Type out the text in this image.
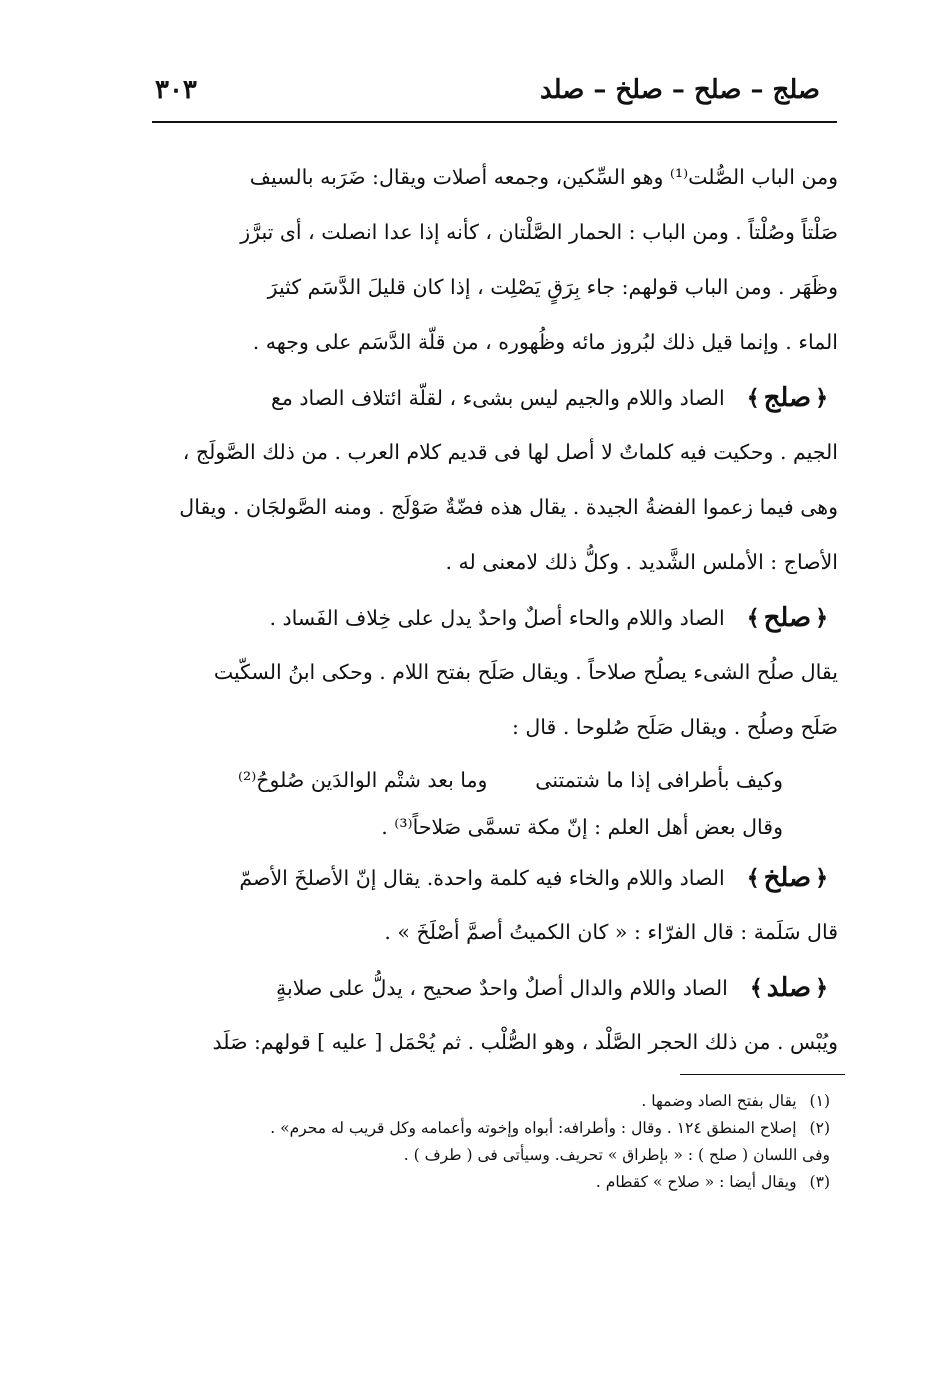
صلج – صلح – صلخ – صلد
٣٠٣
ومن الباب الصُّلت⁽¹⁾ وهو السِّكين، وجمعه أصلات ويقال: ضَرَبه بالسيف
صَلْتاً وصُلْتاً . ومن الباب : الحمار الصَّلْتان ، كأنه إذا عدا انصلت ، أى تبرَّز
وظَهَر . ومن الباب قولهم: جاء بِرَقٍ يَصْلِت ، إذا كان قليلَ الدَّسَم كثيرَ
الماء . وإنما قيل ذلك لبُروز مائه وظُهوره ، من قلّة الدَّسَم على وجهه .
﴿
صلج
﴾
الصاد واللام والجيم ليس بشىء ، لقلّة ائتلاف الصاد مع
الجيم . وحكيت فيه كلماتٌ لا أصل لها فى قديم كلام العرب . من ذلك الصَّولَج ،
وهى فيما زعموا الفضةُ الجيدة . يقال هذه فضّةٌ صَوْلَج . ومنه الصَّولجَان . ويقال
الأصاج : الأملس الشَّديد . وكلُّ ذلك لامعنى له .
﴿
صلح
﴾
الصاد واللام والحاء أصلٌ واحدٌ يدل على خِلاف الفَساد .
يقال صلُح الشىء يصلُح صلاحاً . ويقال صَلَح بفتح اللام . وحكى ابنُ السكّيت
صَلَح وصلُح . ويقال صَلَح صُلوحا . قال :
وكيف بأطرافى إذا ما شتمتنى
وما بعد شتْم الوالدَين صُلوحُ⁽²⁾
وقال بعض أهل العلم : إنّ مكة تسمَّى صَلاحاً⁽³⁾ .
﴿
صلخ
﴾
الصاد واللام والخاء فيه كلمة واحدة. يقال إنّ الأصلخَ الأصمّ
قال سَلَمة : قال الفرّاء : « كان الكميتُ أصمَّ أصْلَخَ » .
﴿
صلد
﴾
الصاد واللام والدال أصلٌ واحدٌ صحيح ، يدلُّ على صلابةٍ
ويُبْس . من ذلك الحجر الصَّلْد ، وهو الصُّلْب . ثم يُحْمَل [ عليه ] قولهم: صَلَد
(١) يقال بفتح الصاد وضمها .
(٢) إصلاح المنطق ١٢٤ . وقال : وأطرافه: أبواه وإخوته وأعمامه وكل قريب له محرم» .
وفى اللسان ( صلح ) : « بإطراق » تحريف. وسيأتى فى ( طرف ) .
(٣) ويقال أيضا : « صلاح » كقطام .
